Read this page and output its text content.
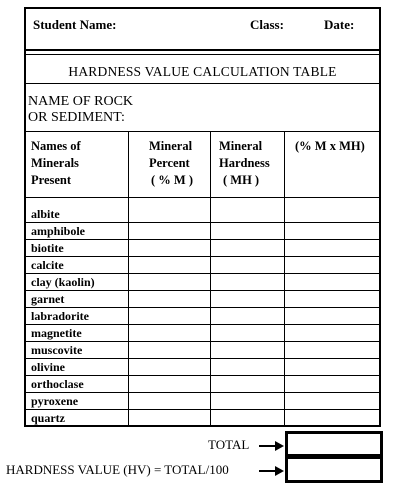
Student Name:	Class:	Date:
HARDNESS VALUE CALCULATION TABLE
NAME OF ROCK
OR SEDIMENT:
Names of
Minerals
Present
Mineral
Percent
( % M )
Mineral
Hardness
( MH )
(% M x MH)
albite
amphibole
biotite
calcite
clay (kaolin)
garnet
labradorite
magnetite
muscovite
olivine
orthoclase
pyroxene
quartz
TOTAL
HARDNESS VALUE (HV) = TOTAL/100
